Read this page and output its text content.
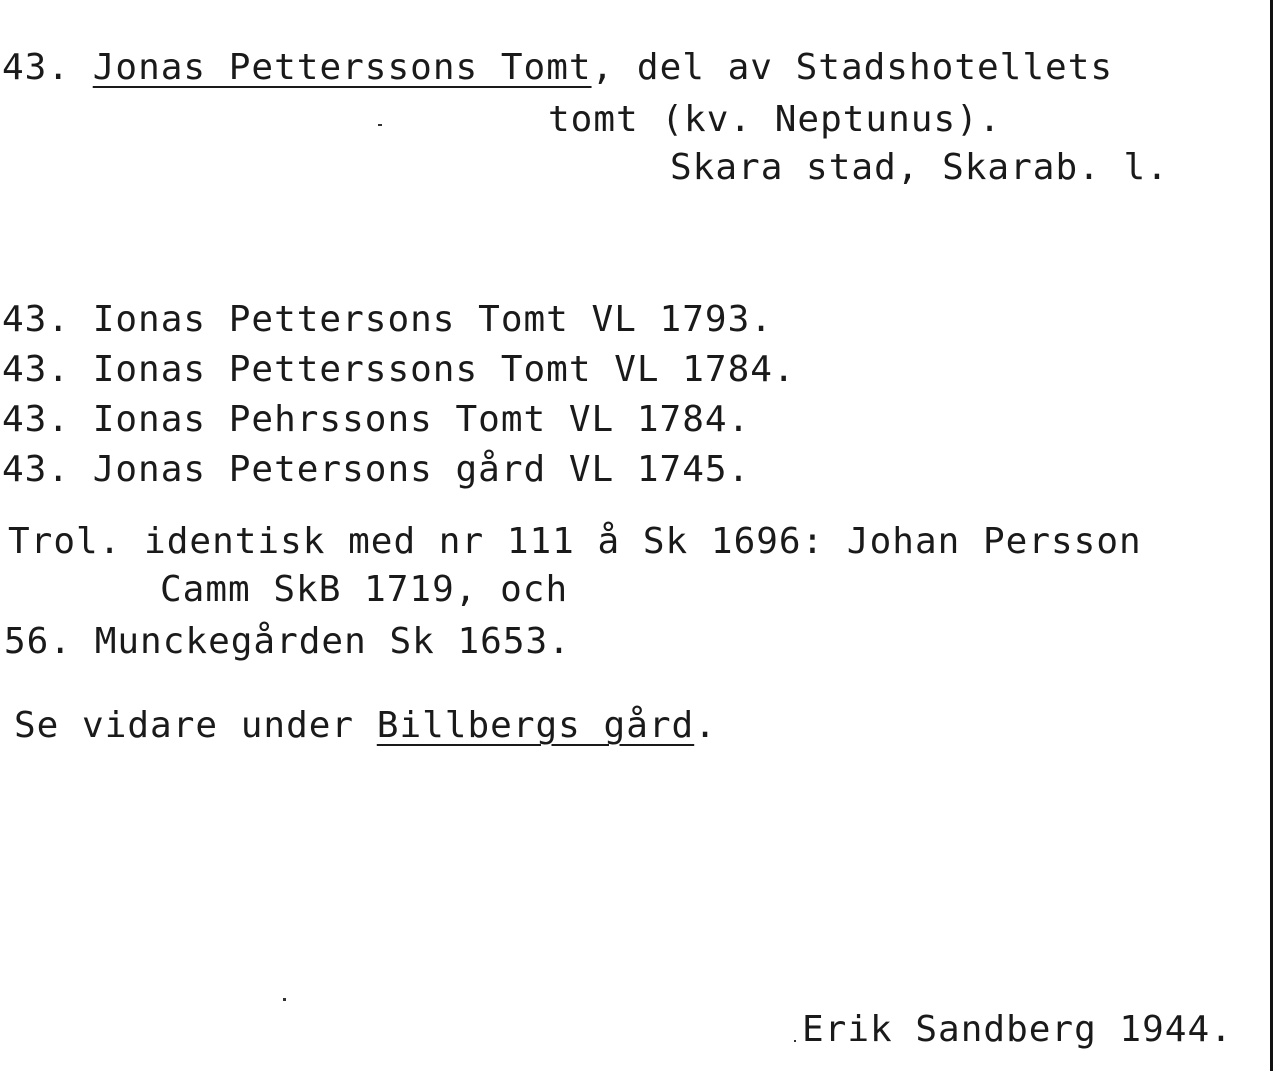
43. Jonas Petterssons Tomt, del av Stadshotellets
tomt (kv. Neptunus).
Skara stad, Skarab. l.
43. Ionas Pettersons Tomt VL 1793.
43. Ionas Petterssons Tomt VL 1784.
43. Ionas Pehrssons Tomt VL 1784.
43. Jonas Petersons gård VL 1745.
Trol. identisk med nr 111 å Sk 1696: Johan Persson
Camm SkB 1719, och
56. Munckegården Sk 1653.
Se vidare under Billbergs gård.
Erik Sandberg 1944.
